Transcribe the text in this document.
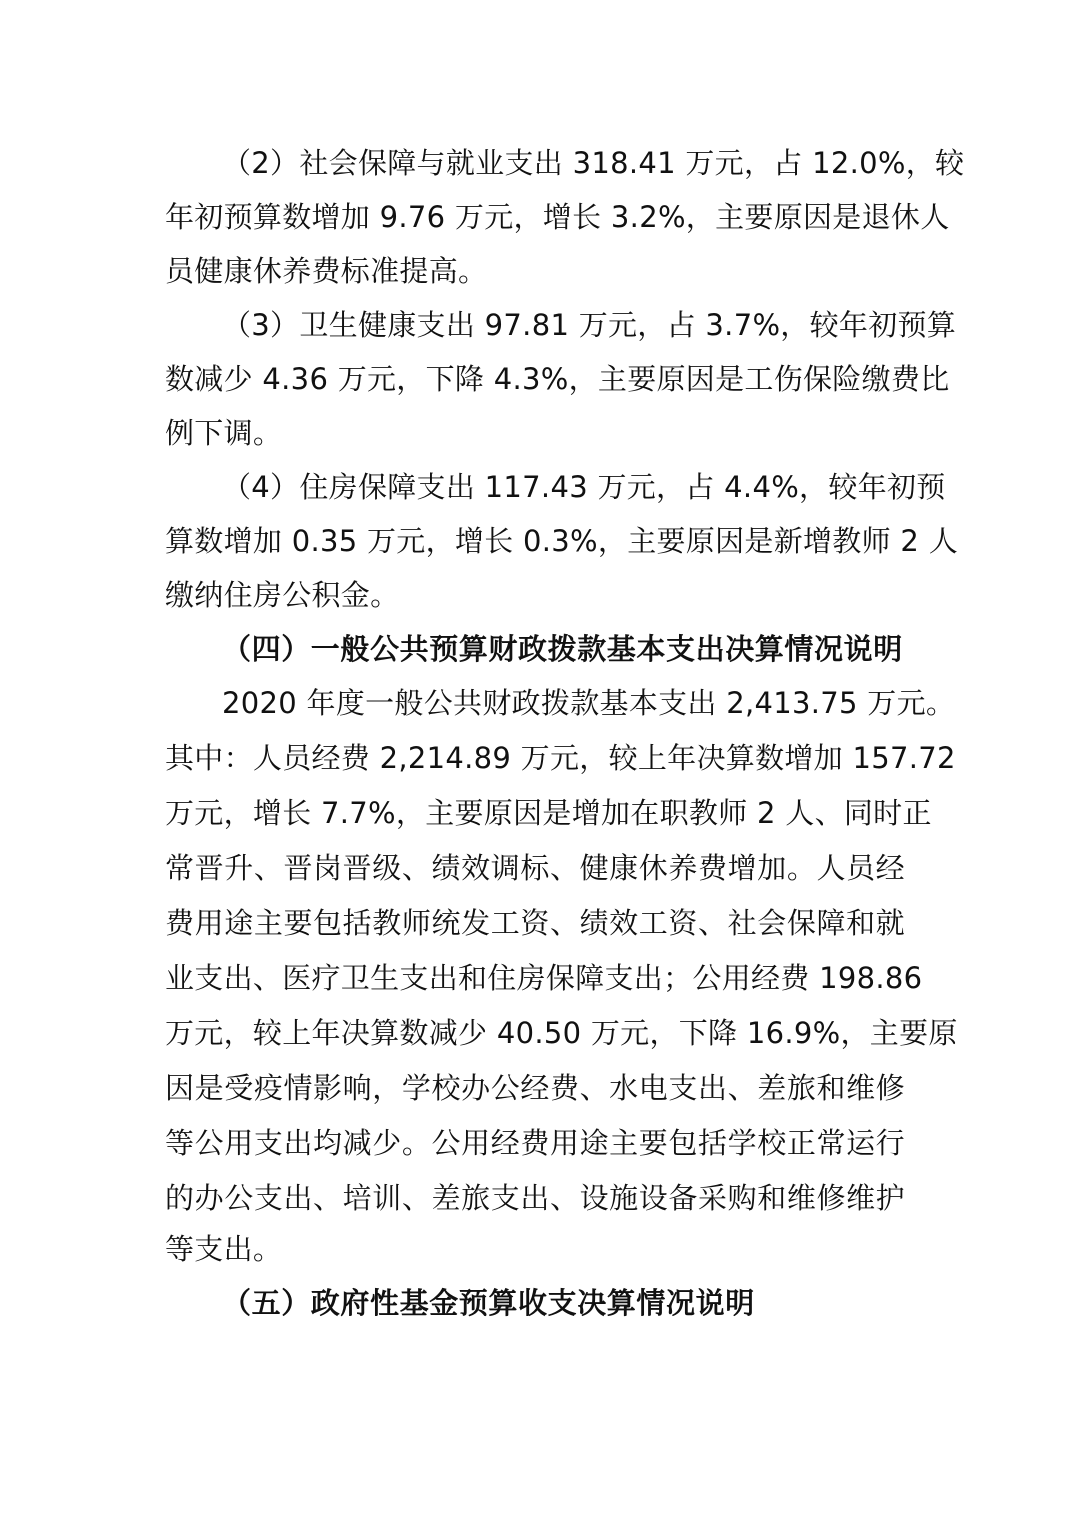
（2）社会保障与就业支出 318.41 万元，占 12.0%，较
年初预算数增加 9.76 万元，增长 3.2%，主要原因是退休人
员健康休养费标准提高。
（3）卫生健康支出 97.81 万元，占 3.7%，较年初预算
数减少 4.36 万元，下降 4.3%，主要原因是工伤保险缴费比
例下调。
（4）住房保障支出 117.43 万元，占 4.4%，较年初预
算数增加 0.35 万元，增长 0.3%，主要原因是新增教师 2 人
缴纳住房公积金。
（四）一般公共预算财政拨款基本支出决算情况说明
2020 年度一般公共财政拨款基本支出 2,413.75 万元。
其中：人员经费 2,214.89 万元，较上年决算数增加 157.72
万元，增长 7.7%，主要原因是增加在职教师 2 人、同时正
常晋升、晋岗晋级、绩效调标、健康休养费增加。人员经
费用途主要包括教师统发工资、绩效工资、社会保障和就
业支出、医疗卫生支出和住房保障支出；公用经费 198.86
万元，较上年决算数减少 40.50 万元，下降 16.9%，主要原
因是受疫情影响，学校办公经费、水电支出、差旅和维修
等公用支出均减少。公用经费用途主要包括学校正常运行
的办公支出、培训、差旅支出、设施设备采购和维修维护
等支出。
（五）政府性基金预算收支决算情况说明
